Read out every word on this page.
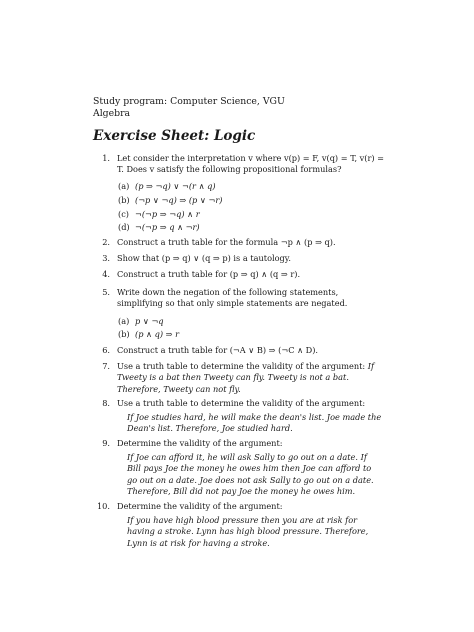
Study program: Computer Science, VGU
Algebra
Exercise Sheet: Logic
1. Let consider the interpretation v where v(p) = F, v(q) = T, v(r) = T. Does v satisfy the following propositional formulas?
(a) (p ⇒ ¬q) ∨ ¬(r ∧ q)
(b) (¬p ∨ ¬q) ⇒ (p ∨ ¬r)
(c) ¬(¬p ⇒ ¬q) ∧ r
(d) ¬(¬p ⇒ q ∧ ¬r)
2. Construct a truth table for the formula ¬p ∧ (p ⇒ q).
3. Show that (p ⇒ q) ∨ (q ⇒ p) is a tautology.
4. Construct a truth table for (p ⇒ q) ∧ (q ⇒ r).
5. Write down the negation of the following statements, simplifying so that only simple statements are negated.
(a) p ∨ ¬q
(b) (p ∧ q) ⇒ r
6. Construct a truth table for (¬A ∨ B) ⇒ (¬C ∧ D).
7. Use a truth table to determine the validity of the argument: If Tweety is a bat then Tweety can fly. Tweety is not a bat. Therefore, Tweety can not fly.
8. Use a truth table to determine the validity of the argument:
If Joe studies hard, he will make the dean's list. Joe made the Dean's list. Therefore, Joe studied hard.
9. Determine the validity of the argument:
If Joe can afford it, he will ask Sally to go out on a date. If Bill pays Joe the money he owes him then Joe can afford to go out on a date. Joe does not ask Sally to go out on a date. Therefore, Bill did not pay Joe the money he owes him.
10. Determine the validity of the argument:
If you have high blood pressure then you are at risk for having a stroke. Lynn has high blood pressure. Therefore, Lynn is at risk for having a stroke.
